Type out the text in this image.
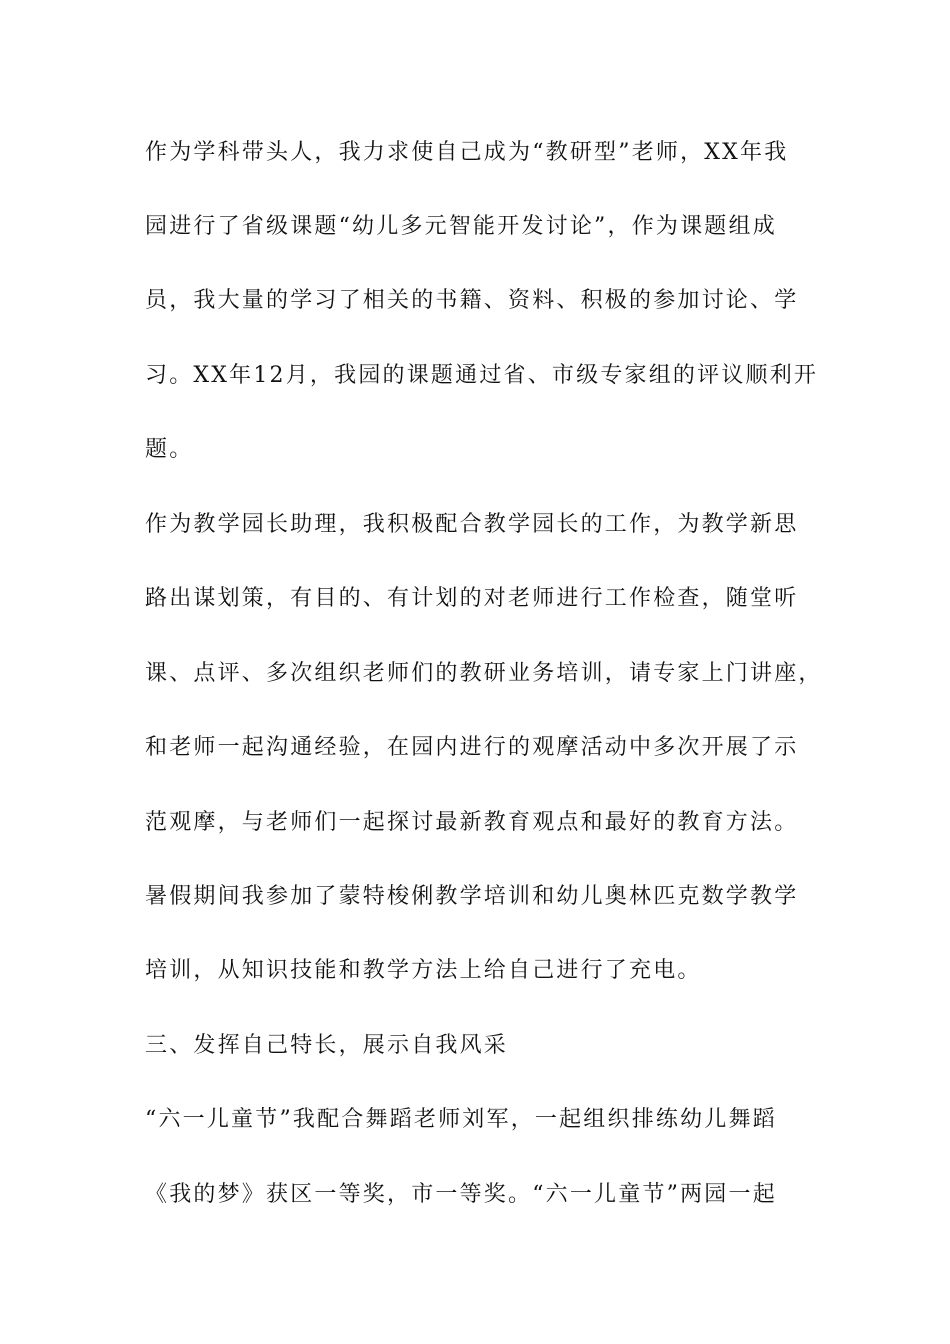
作为学科带头人，我力求使自己成为“教研型”老师，XX年我
园进行了省级课题“幼儿多元智能开发讨论”，作为课题组成
员，我大量的学习了相关的书籍、资料、积极的参加讨论、学
习。XX年12月，我园的课题通过省、市级专家组的评议顺利开
题。
作为教学园长助理，我积极配合教学园长的工作，为教学新思
路出谋划策，有目的、有计划的对老师进行工作检查，随堂听
课、点评、多次组织老师们的教研业务培训，请专家上门讲座，
和老师一起沟通经验，在园内进行的观摩活动中多次开展了示
范观摩，与老师们一起探讨最新教育观点和最好的教育方法。
暑假期间我参加了蒙特梭俐教学培训和幼儿奥林匹克数学教学
培训，从知识技能和教学方法上给自己进行了充电。
三、发挥自己特长，展示自我风采
“六一儿童节”我配合舞蹈老师刘军，一起组织排练幼儿舞蹈
《我的梦》获区一等奖，市一等奖。“六一儿童节”两园一起
